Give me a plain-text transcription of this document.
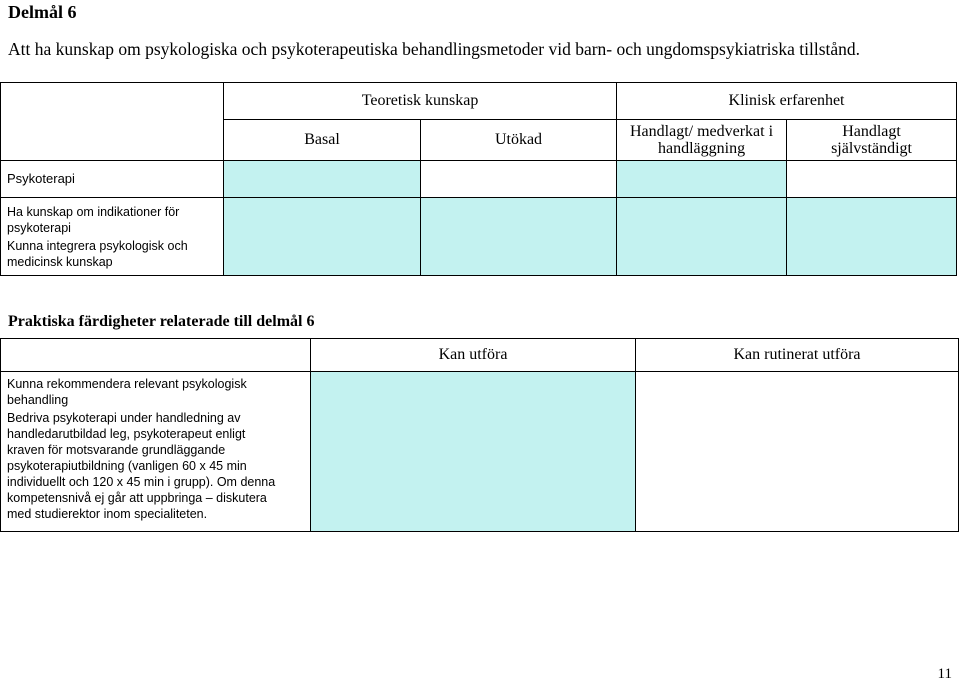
Delmål 6
Att ha kunskap om psykologiska och psykoterapeutiska behandlingsmetoder vid barn- och ungdomspsykiatriska tillstånd.
	Teoretisk kunskap		Klinisk erfarenhet	
	Basal	Utökad	Handlagt/ medverkat i handläggning	Handlagt självständigt
Psykoterapi				

Ha kunskap om indikationer för psykoterapi
Kunna integrera psykologisk och medicinsk kunskap				

Praktiska färdigheter relaterade till delmål 6
	Kan utföra	Kan rutinerat utföra

Kunna rekommendera relevant psykologisk behandling
Bedriva psykoterapi under handledning av handledarutbildad leg, psykoterapeut enligt kraven för motsvarande grundläggande psykoterapiutbildning (vanligen 60 x 45 min individuellt och 120 x 45 min i grupp). Om denna kompetensnivå ej går att uppbringa – diskutera med studierektor inom specialiteten.		

11
